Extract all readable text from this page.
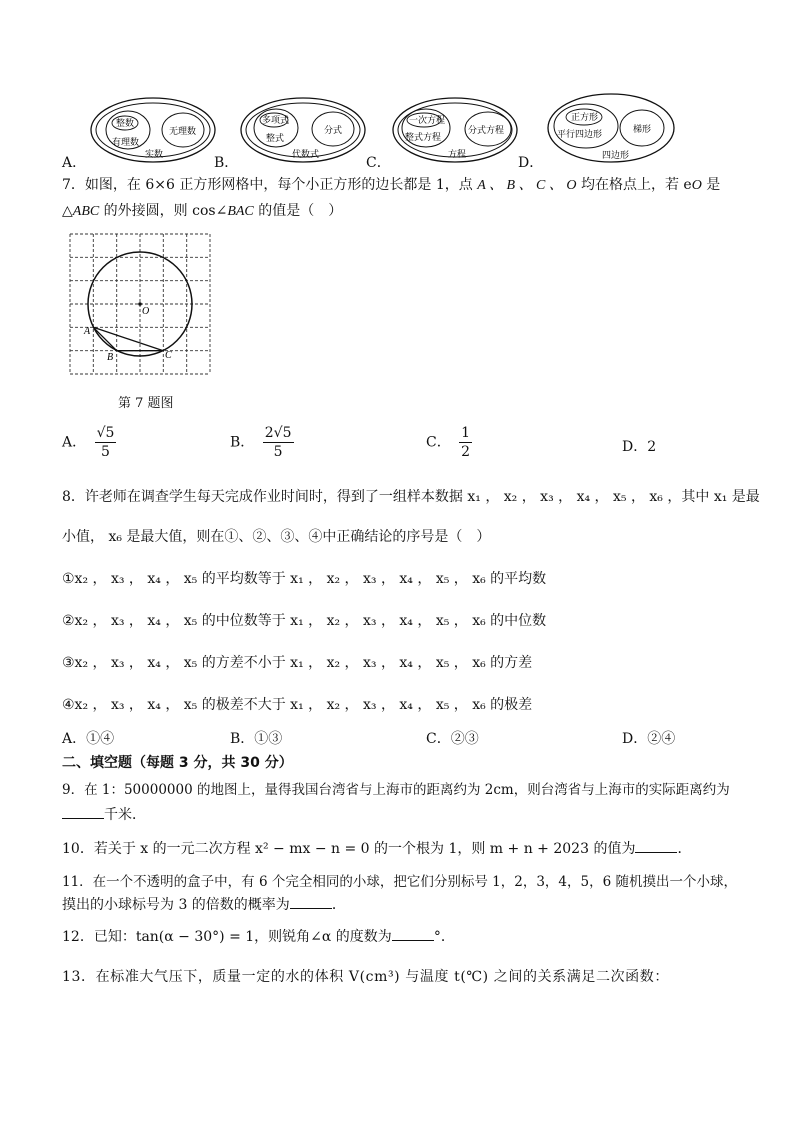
A．	B．	C．	D．
整数
有理数
无理数
实数
多项式
整式
分式
代数式
一次方程
整式方程
分式方程
方程
正方形
平行四边形	梯形
四边形
7．如图，在 6×6 正方形网格中，每个小正方形的边长都是 1，点 A 、 B 、 C 、 O 均在格点上，若 eO 是
△ABC 的外接圆，则 cos∠BAC 的值是（　）
O
A
B	C
第 7 题图
A． $\frac{√5}{5}$	B． $\frac{2√5}{5}$	C． $\frac{1}{2}$	D．2
8．许老师在调查学生每天完成作业时间时，得到了一组样本数据 x₁ ， x₂ ， x₃ ， x₄ ， x₅ ， x₆ ，其中 x₁ 是最
小值， x₆ 是最大值，则在①、②、③、④中正确结论的序号是（　）
①x₂ ， x₃ ， x₄ ， x₅ 的平均数等于 x₁ ， x₂ ， x₃ ， x₄ ， x₅ ， x₆ 的平均数
②x₂ ， x₃ ， x₄ ， x₅ 的中位数等于 x₁ ， x₂ ， x₃ ， x₄ ， x₅ ， x₆ 的中位数
③x₂ ， x₃ ， x₄ ， x₅ 的方差不小于 x₁ ， x₂ ， x₃ ， x₄ ， x₅ ， x₆ 的方差
④x₂ ， x₃ ， x₄ ， x₅ 的极差不大于 x₁ ， x₂ ， x₃ ， x₄ ， x₅ ， x₆ 的极差
A．①④	B．①③	C．②③	D．②④
二、填空题（每题 3 分，共 30 分）
9．在 1：50000000 的地图上，量得我国台湾省与上海市的距离约为 2cm，则台湾省与上海市的实际距离约为
千米．
10．若关于 x 的一元二次方程 x² − mx − n = 0 的一个根为 1，则 m + n + 2023 的值为	．
11．在一个不透明的盒子中，有 6 个完全相同的小球，把它们分别标号 1，2，3，4，5，6 随机摸出一个小球，
摸出的小球标号为 3 的倍数的概率为	．
12．已知：tan(α − 30°) = 1，则锐角∠α 的度数为	°．
13．在标准大气压下，质量一定的水的体积 V(cm³) 与温度 t(℃) 之间的关系满足二次函数：
